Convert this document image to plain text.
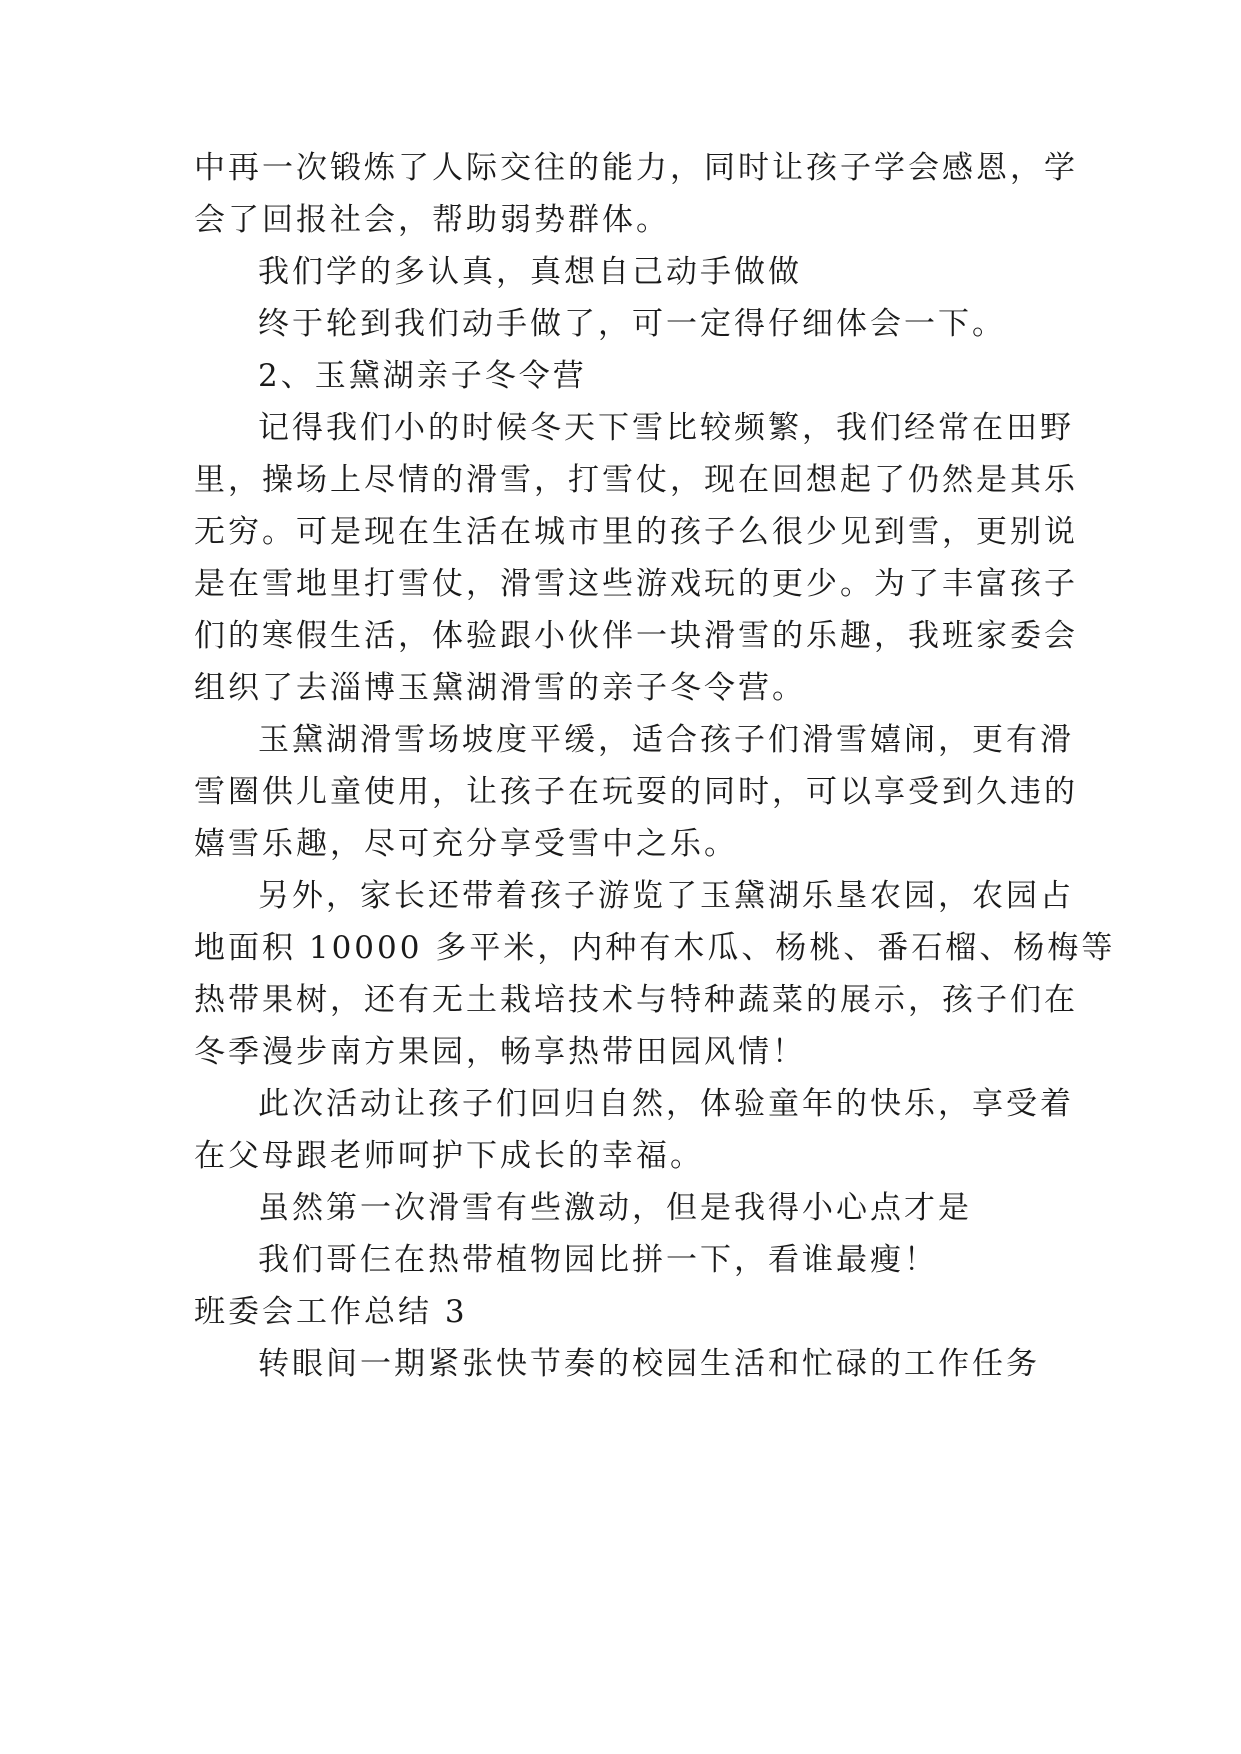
中再一次锻炼了人际交往的能力，同时让孩子学会感恩，学
会了回报社会，帮助弱势群体。
我们学的多认真，真想自己动手做做
终于轮到我们动手做了，可一定得仔细体会一下。
2、玉黛湖亲子冬令营
记得我们小的时候冬天下雪比较频繁，我们经常在田野
里，操场上尽情的滑雪，打雪仗，现在回想起了仍然是其乐
无穷。可是现在生活在城市里的孩子么很少见到雪，更别说
是在雪地里打雪仗，滑雪这些游戏玩的更少。为了丰富孩子
们的寒假生活，体验跟小伙伴一块滑雪的乐趣，我班家委会
组织了去淄博玉黛湖滑雪的亲子冬令营。
玉黛湖滑雪场坡度平缓，适合孩子们滑雪嬉闹，更有滑
雪圈供儿童使用，让孩子在玩耍的同时，可以享受到久违的
嬉雪乐趣，尽可充分享受雪中之乐。
另外，家长还带着孩子游览了玉黛湖乐垦农园，农园占
地面积 10000 多平米，内种有木瓜、杨桃、番石榴、杨梅等
热带果树，还有无土栽培技术与特种蔬菜的展示，孩子们在
冬季漫步南方果园，畅享热带田园风情！
此次活动让孩子们回归自然，体验童年的快乐，享受着
在父母跟老师呵护下成长的幸福。
虽然第一次滑雪有些激动，但是我得小心点才是
我们哥仨在热带植物园比拼一下，看谁最瘦！
班委会工作总结 3
转眼间一期紧张快节奏的校园生活和忙碌的工作任务
